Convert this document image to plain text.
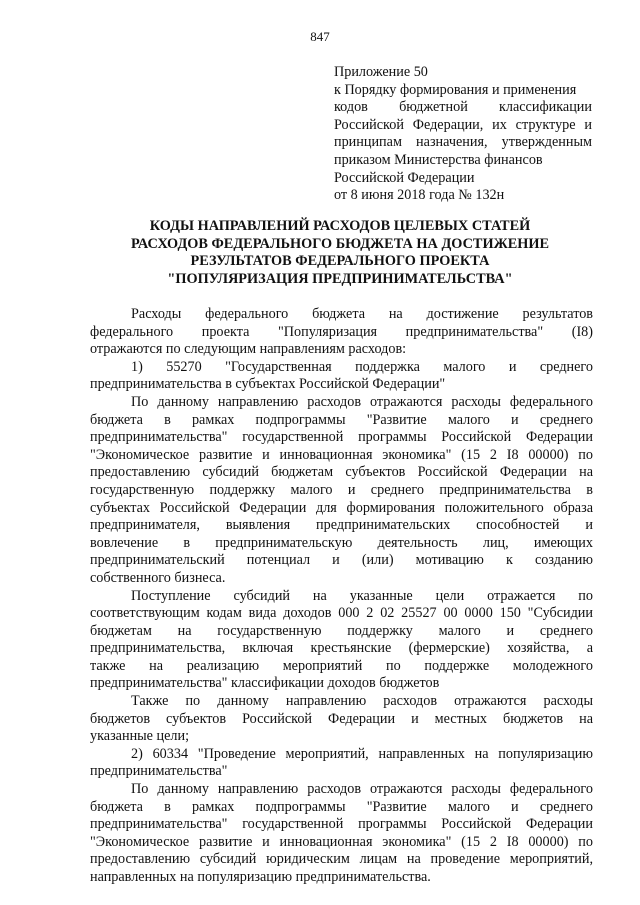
847
Приложение 50
к Порядку формирования и применения
кодов бюджетной классификации
Российской Федерации, их структуре и
принципам назначения, утвержденным
приказом Министерства финансов
Российской Федерации
от 8 июня 2018 года № 132н
КОДЫ НАПРАВЛЕНИЙ РАСХОДОВ ЦЕЛЕВЫХ СТАТЕЙ
РАСХОДОВ ФЕДЕРАЛЬНОГО БЮДЖЕТА НА ДОСТИЖЕНИЕ
РЕЗУЛЬТАТОВ ФЕДЕРАЛЬНОГО ПРОЕКТА
"ПОПУЛЯРИЗАЦИЯ ПРЕДПРИНИМАТЕЛЬСТВА"
Расходы федерального бюджета на достижение результатов
федерального проекта "Популяризация предпринимательства" (I8)
отражаются по следующим направлениям расходов:
1) 55270 "Государственная поддержка малого и среднего
предпринимательства в субъектах Российской Федерации"
По данному направлению расходов отражаются расходы федерального
бюджета в рамках подпрограммы "Развитие малого и среднего
предпринимательства" государственной программы Российской Федерации
"Экономическое развитие и инновационная экономика" (15 2 I8 00000) по
предоставлению субсидий бюджетам субъектов Российской Федерации на
государственную поддержку малого и среднего предпринимательства в
субъектах Российской Федерации для формирования положительного образа
предпринимателя, выявления предпринимательских способностей и
вовлечение в предпринимательскую деятельность лиц, имеющих
предпринимательский потенциал и (или) мотивацию к созданию
собственного бизнеса.
Поступление субсидий на указанные цели отражается по
соответствующим кодам вида доходов 000 2 02 25527 00 0000 150 "Субсидии
бюджетам на государственную поддержку малого и среднего
предпринимательства, включая крестьянские (фермерские) хозяйства, а
также на реализацию мероприятий по поддержке молодежного
предпринимательства" классификации доходов бюджетов
Также по данному направлению расходов отражаются расходы
бюджетов субъектов Российской Федерации и местных бюджетов на
указанные цели;
2) 60334 "Проведение мероприятий, направленных на популяризацию
предпринимательства"
По данному направлению расходов отражаются расходы федерального
бюджета в рамках подпрограммы "Развитие малого и среднего
предпринимательства" государственной программы Российской Федерации
"Экономическое развитие и инновационная экономика" (15 2 I8 00000) по
предоставлению субсидий юридическим лицам на проведение мероприятий,
направленных на популяризацию предпринимательства.
